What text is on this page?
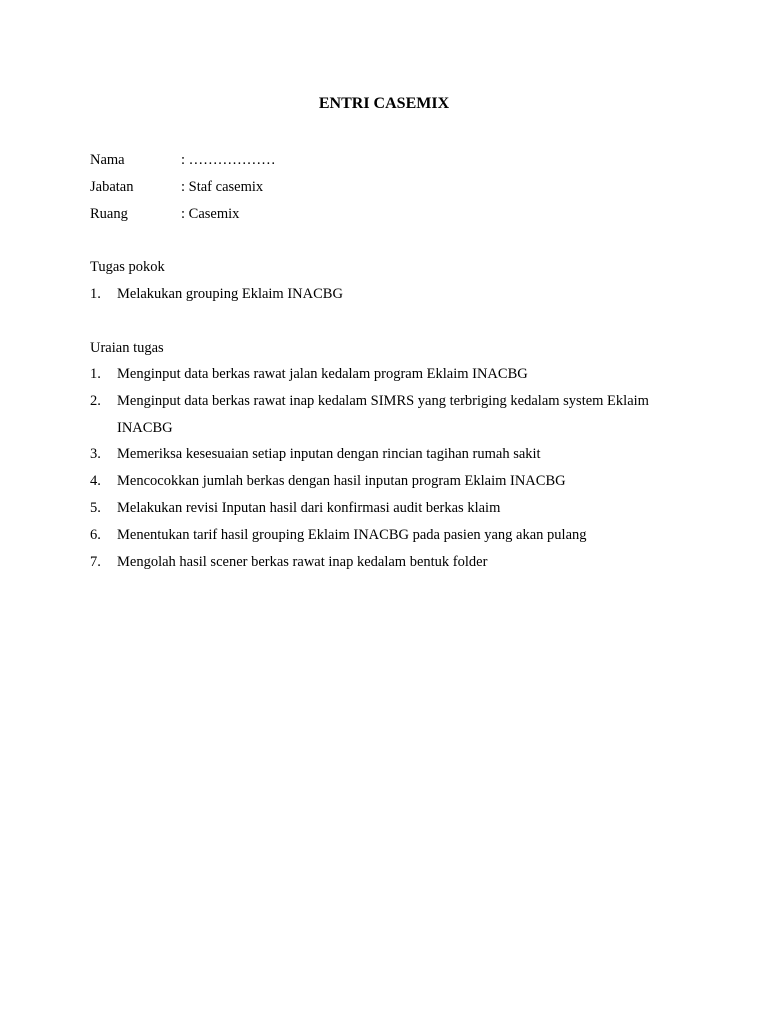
ENTRI CASEMIX
Nama	: ………………
Jabatan	: Staf casemix
Ruang	: Casemix
Tugas pokok
1.	Melakukan grouping Eklaim INACBG
Uraian tugas
1.	Menginput data berkas rawat jalan kedalam program Eklaim INACBG
2.	Menginput data berkas rawat inap kedalam SIMRS yang terbriging kedalam system Eklaim INACBG
3.	Memeriksa kesesuaian setiap inputan dengan rincian tagihan rumah sakit
4.	Mencocokkan jumlah berkas dengan hasil inputan program Eklaim INACBG
5.	Melakukan revisi Inputan hasil dari konfirmasi audit berkas klaim
6.	Menentukan tarif hasil grouping Eklaim INACBG pada pasien yang akan pulang
7.	Mengolah hasil scener berkas rawat inap kedalam bentuk folder
